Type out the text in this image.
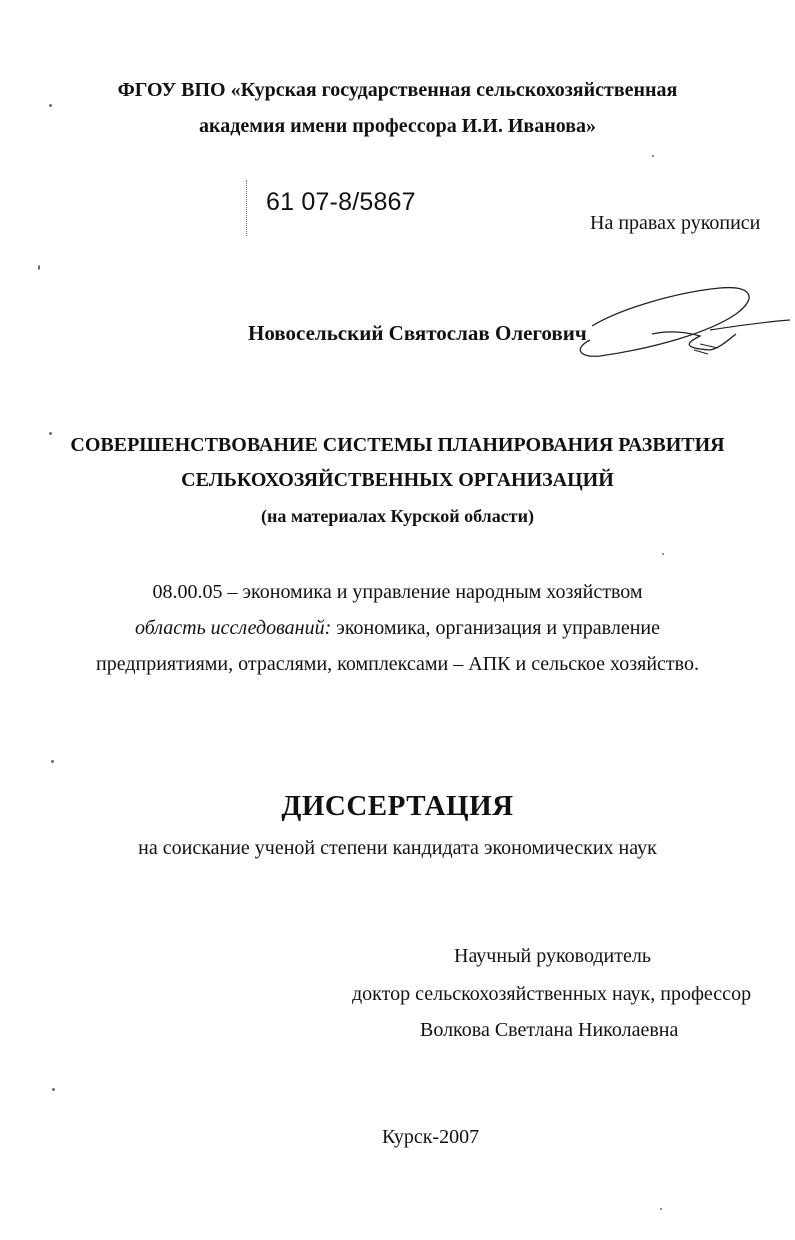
ФГОУ ВПО «Курская государственная сельскохозяйственная
академия имени профессора И.И. Иванова»
61 07-8/5867
На правах рукописи
Новосельский Святослав Олегович
СОВЕРШЕНСТВОВАНИЕ СИСТЕМЫ ПЛАНИРОВАНИЯ РАЗВИТИЯ
СЕЛЬКОХОЗЯЙСТВЕННЫХ ОРГАНИЗАЦИЙ
(на материалах Курской области)
08.00.05 – экономика и управление народным хозяйством
область исследований: экономика, организация и управление
предприятиями, отраслями, комплексами – АПК и сельское хозяйство.
ДИССЕРТАЦИЯ
на соискание ученой степени кандидата экономических наук
Научный руководитель
доктор сельскохозяйственных наук, профессор
Волкова Светлана Николаевна
Курск-2007
